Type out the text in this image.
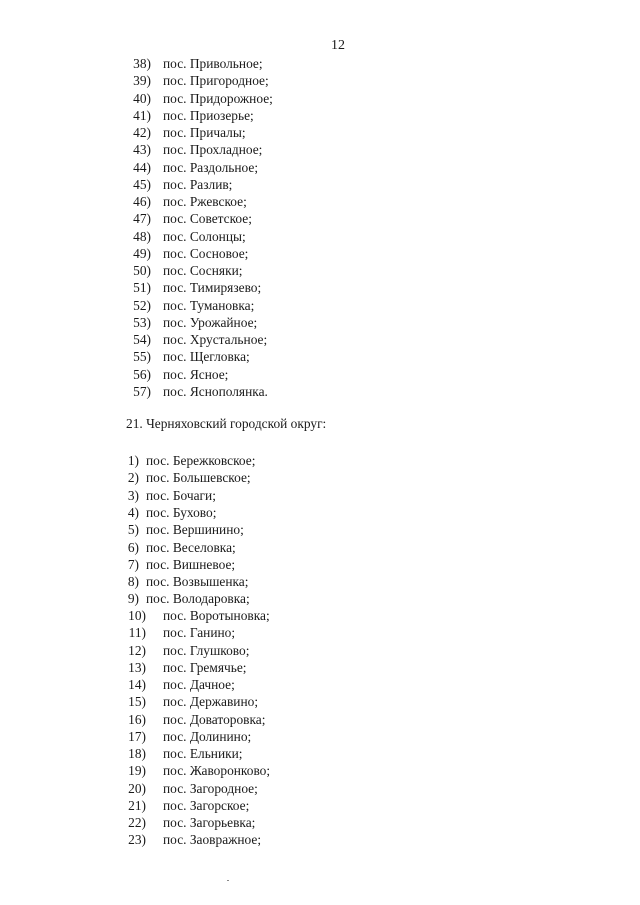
12
38) пос. Привольное;
39) пос. Пригородное;
40) пос. Придорожное;
41) пос. Приозерье;
42) пос. Причалы;
43) пос. Прохладное;
44) пос. Раздольное;
45) пос. Разлив;
46) пос. Ржевское;
47) пос. Советское;
48) пос. Солонцы;
49) пос. Сосновое;
50) пос. Сосняки;
51) пос. Тимирязево;
52) пос. Тумановка;
53) пос. Урожайное;
54) пос. Хрустальное;
55) пос. Щегловка;
56) пос. Ясное;
57) пос. Яснополянка.
21. Черняховский городской округ:
1) пос. Бережковское;
2) пос. Большевское;
3) пос. Бочаги;
4) пос. Бухово;
5) пос. Вершинино;
6) пос. Веселовка;
7) пос. Вишневое;
8) пос. Возвышенка;
9) пос. Володаровка;
10) пос. Воротыновка;
11) пос. Ганино;
12) пос. Глушково;
13) пос. Гремячье;
14) пос. Дачное;
15) пос. Державино;
16) пос. Доваторовка;
17) пос. Долинино;
18) пос. Ельники;
19) пос. Жаворонково;
20) пос. Загородное;
21) пос. Загорское;
22) пос. Загорьевка;
23) пос. Заовражное;
